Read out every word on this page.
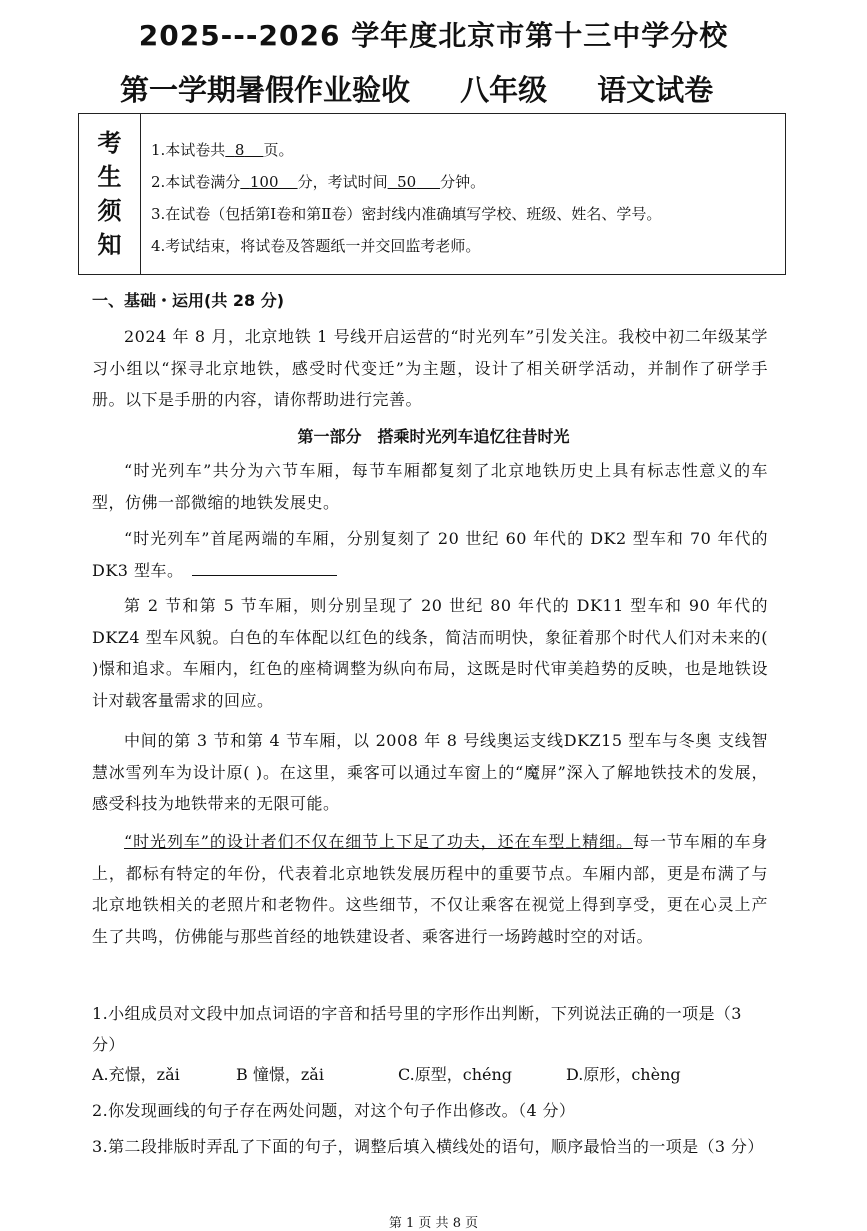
2025---2026 学年度北京市第十三中学分校
第一学期暑假作业验收 八年级 语文试卷
考
生
须
知
1.本试卷共 8 页。
2.本试卷满分 100 分，考试时间 50 分钟。
3.在试卷（包括第Ⅰ卷和第Ⅱ卷）密封线内准确填写学校、班级、姓名、学号。
4.考试结束，将试卷及答题纸一并交回监考老师。
一、基础・运用(共 28 分)
2024 年 8 月，北京地铁 1 号线开启运营的“时光列车”引发关注。我校中初二年级某学习小组以“探寻北京地铁，感受时代变迁”为主题，设计了相关研学活动，并制作了研学手册。以下是手册的内容，请你帮助进行完善。
第一部分　搭乘时光列车追忆往昔时光
“时光列车”共分为六节车厢，每节车厢都复刻了北京地铁历史上具有标志性意义的车型，仿佛一部微缩的地铁发展史。
“时光列车”首尾两端的车厢，分别复刻了 20 世纪 60 年代的 DK2 型车和 70 年代的DK3 型车。
第 2 节和第 5 节车厢，则分别呈现了 20 世纪 80 年代的 DK11 型车和 90 年代的 DKZ4 型车风貌。白色的车体配以红色的线条，简洁而明快，象征着那个时代人们对未来的( )憬和追求。车厢内，红色的座椅调整为纵向布局，这既是时代审美趋势的反映，也是地铁设计对载客量需求的回应。
中间的第 3 节和第 4 节车厢，以 2008 年 8 号线奥运支线DKZ15 型车与冬奥 支线智慧冰雪列车为设计原( )。在这里，乘客可以通过车窗上的“魔屏”深入了解地铁技术的发展，感受科技为地铁带来的无限可能。
“时光列车”的设计者们不仅在细节上下足了功夫，还在车型上精细。每一节车厢的车身上，都标有特定的年份，代表着北京地铁发展历程中的重要节点。车厢内部，更是布满了与北京地铁相关的老照片和老物件。这些细节，不仅让乘客在视觉上得到享受，更在心灵上产生了共鸣，仿佛能与那些首经的地铁建设者、乘客进行一场跨越时空的对话。
1.小组成员对文段中加点词语的字音和括号里的字形作出判断，下列说法正确的一项是（3 分）
A.充憬，zǎi	B 憧憬，zǎi	C.原型，chéng	D.原形，chèng
2.你发现画线的句子存在两处问题，对这个句子作出修改。（4 分）
3.第二段排版时弄乱了下面的句子，调整后填入横线处的语句，顺序最恰当的一项是（3 分）
第 1 页 共 8 页
